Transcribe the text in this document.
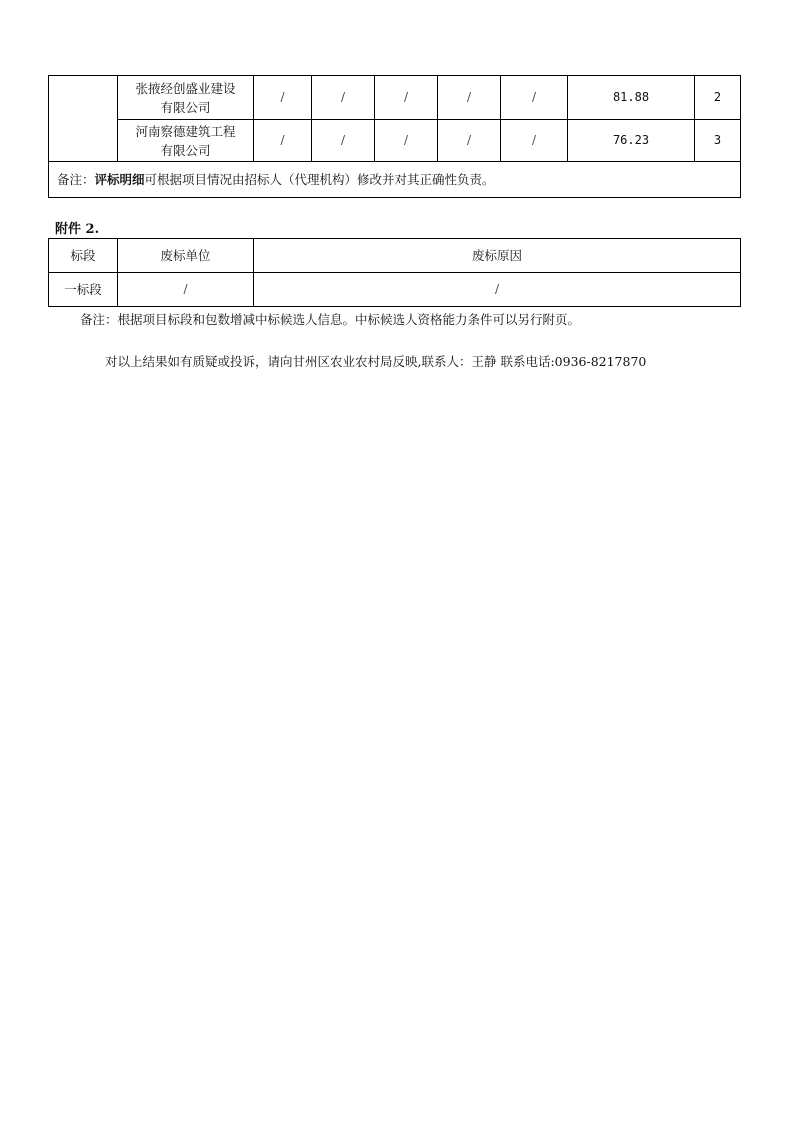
	张掖经创盛业建设
有限公司	/	/	/	/	/	81.88	2
	河南察德建筑工程
有限公司	/	/	/	/	/	76.23	3
备注：评标明细可根据项目情况由招标人（代理机构）修改并对其正确性负责。								
附件 2.
标段	废标单位	废标原因
一标段	/	/
备注：根据项目标段和包数增减中标候选人信息。中标候选人资格能力条件可以另行附页。
对以上结果如有质疑或投诉，请向甘州区农业农村局反映,联系人：王静 联系电话:0936-8217870
